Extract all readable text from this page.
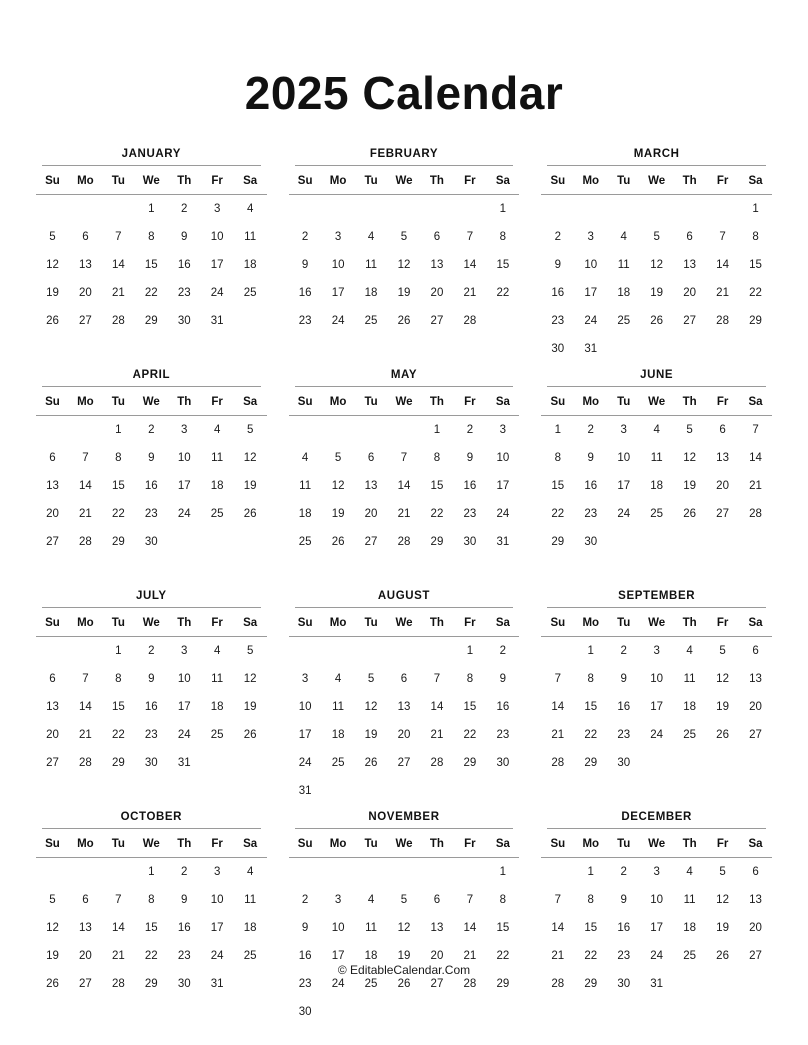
2025 Calendar
JANUARY
Su	Mo	Tu	We	Th	Fr	Sa
			1	2	3	4
5	6	7	8	9	10	11
12	13	14	15	16	17	18
19	20	21	22	23	24	25
26	27	28	29	30	31	

FEBRUARY
Su	Mo	Tu	We	Th	Fr	Sa
						1
2	3	4	5	6	7	8
9	10	11	12	13	14	15
16	17	18	19	20	21	22
23	24	25	26	27	28	

MARCH
Su	Mo	Tu	We	Th	Fr	Sa
						1
2	3	4	5	6	7	8
9	10	11	12	13	14	15
16	17	18	19	20	21	22
23	24	25	26	27	28	29
30	31					
APRIL
Su	Mo	Tu	We	Th	Fr	Sa
		1	2	3	4	5
6	7	8	9	10	11	12
13	14	15	16	17	18	19
20	21	22	23	24	25	26
27	28	29	30			

MAY
Su	Mo	Tu	We	Th	Fr	Sa
				1	2	3
4	5	6	7	8	9	10
11	12	13	14	15	16	17
18	19	20	21	22	23	24
25	26	27	28	29	30	31

JUNE
Su	Mo	Tu	We	Th	Fr	Sa
1	2	3	4	5	6	7
8	9	10	11	12	13	14
15	16	17	18	19	20	21
22	23	24	25	26	27	28
29	30					

JULY
Su	Mo	Tu	We	Th	Fr	Sa
		1	2	3	4	5
6	7	8	9	10	11	12
13	14	15	16	17	18	19
20	21	22	23	24	25	26
27	28	29	30	31		

AUGUST
Su	Mo	Tu	We	Th	Fr	Sa
					1	2
3	4	5	6	7	8	9
10	11	12	13	14	15	16
17	18	19	20	21	22	23
24	25	26	27	28	29	30
31						
SEPTEMBER
Su	Mo	Tu	We	Th	Fr	Sa
	1	2	3	4	5	6
7	8	9	10	11	12	13
14	15	16	17	18	19	20
21	22	23	24	25	26	27
28	29	30				

OCTOBER
Su	Mo	Tu	We	Th	Fr	Sa
			1	2	3	4
5	6	7	8	9	10	11
12	13	14	15	16	17	18
19	20	21	22	23	24	25
26	27	28	29	30	31	

NOVEMBER
Su	Mo	Tu	We	Th	Fr	Sa
						1
2	3	4	5	6	7	8
9	10	11	12	13	14	15
16	17	18	19	20	21	22
23	24	25	26	27	28	29
30						
DECEMBER
Su	Mo	Tu	We	Th	Fr	Sa
	1	2	3	4	5	6
7	8	9	10	11	12	13
14	15	16	17	18	19	20
21	22	23	24	25	26	27
28	29	30	31			

© EditableCalendar.Com
